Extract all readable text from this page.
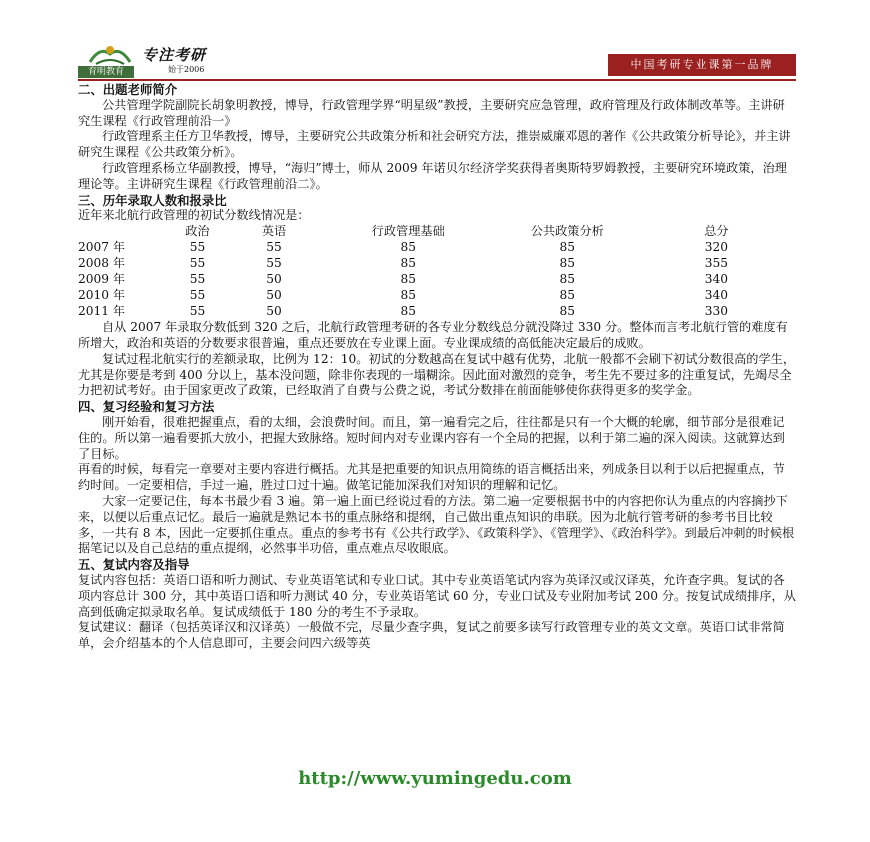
育明教育
专注考研
始于2006	中国考研专业课第一品牌

二、出题老师简介

公共管理学院副院长胡象明教授，博导，行政管理学界“明星级”教授，主要研究应急管理，政府管理及行政体制改革等。主讲研究生课程《行政管理前沿一》

行政管理系主任方卫华教授，博导，主要研究公共政策分析和社会研究方法，推崇威廉邓恩的著作《公共政策分析导论》，并主讲研究生课程《公共政策分析》。

行政管理系杨立华副教授，博导，“海归”博士，师从 2009 年诺贝尔经济学奖获得者奥斯特罗姆教授，主要研究环境政策，治理理论等。主讲研究生课程《行政管理前沿二》。

三、历年录取人数和报录比

近年来北航行政管理的初试分数线情况是：

	政治	英语	行政管理基础	公共政策分析	总分
2007 年	55	55	85	85	320
2008 年	55	55	85	85	355
2009 年	55	50	85	85	340
2010 年	55	50	85	85	340
2011 年	55	50	85	85	330

自从 2007 年录取分数低到 320 之后，北航行政管理考研的各专业分数线总分就没降过 330 分。整体而言考北航行管的难度有所增大，政治和英语的分数要求很普遍，重点还要放在专业课上面。专业课成绩的高低能决定最后的成败。

复试过程北航实行的差额录取，比例为 12：10。初试的分数越高在复试中越有优势，北航一般都不会刷下初试分数很高的学生，尤其是你要是考到 400 分以上，基本没问题，除非你表现的一塌糊涂。因此面对激烈的竞争，考生先不要过多的注重复试，先竭尽全力把初试考好。由于国家更改了政策，已经取消了自费与公费之说，考试分数排在前面能够使你获得更多的奖学金。

四、复习经验和复习方法

刚开始看，很难把握重点，看的太细，会浪费时间。而且，第一遍看完之后，往往都是只有一个大概的轮廓，细节部分是很难记住的。所以第一遍看要抓大放小，把握大致脉络。短时间内对专业课内容有一个全局的把握，以利于第二遍的深入阅读。这就算达到了目标。

再看的时候，每看完一章要对主要内容进行概括。尤其是把重要的知识点用简练的语言概括出来，列成条目以利于以后把握重点，节约时间。一定要相信，手过一遍，胜过口过十遍。做笔记能加深我们对知识的理解和记忆。

大家一定要记住，每本书最少看 3 遍。第一遍上面已经说过看的方法。第二遍一定要根据书中的内容把你认为重点的内容摘抄下来，以便以后重点记忆。最后一遍就是熟记本书的重点脉络和提纲，自己做出重点知识的串联。因为北航行管考研的参考书目比较多，一共有 8 本，因此一定要抓住重点。重点的参考书有《公共行政学》、《政策科学》、《管理学》、《政治科学》。到最后冲刺的时候根据笔记以及自己总结的重点提纲，必然事半功倍，重点难点尽收眼底。

五、复试内容及指导

复试内容包括：英语口语和听力测试、专业英语笔试和专业口试。其中专业英语笔试内容为英译汉或汉译英，允许查字典。复试的各项内容总计 300 分，其中英语口语和听力测试 40 分，专业英语笔试 60 分，专业口试及专业附加考试 200 分。按复试成绩排序，从高到低确定拟录取名单。复试成绩低于 180 分的考生不予录取。

复试建议：翻译（包括英译汉和汉译英）一般做不完，尽量少查字典，复试之前要多读写行政管理专业的英文文章。英语口试非常简单，会介绍基本的个人信息即可，主要会问四六级等英

http://www.yumingedu.com
